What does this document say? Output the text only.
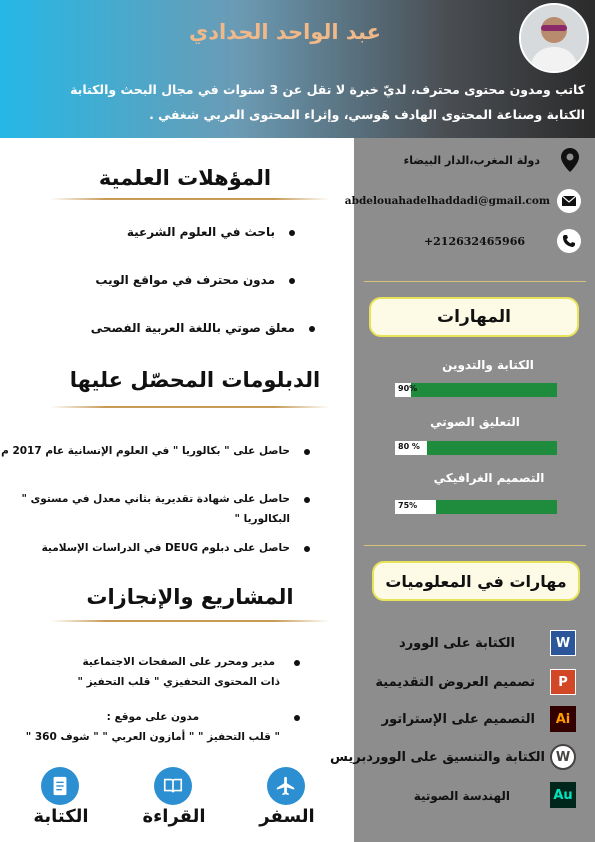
عبد الواحد الحدادي
كاتب ومدون محتوى محترف، لديّ خبرة لا تقل عن 3 سنوات في مجال البحث والكتابة
الكتابة وصناعة المحتوى الهادف هَوسي، وإثراء المحتوى العربي شغفي .
المؤهلات العلمية
باحث في العلوم الشرعية
مدون محترف في مواقع الويب
معلق صوتي باللغة العربية الفصحى
الدبلومات المحصّل عليها
حاصل على " بكالوريا " في العلوم الإنسانية عام 2017 م
حاصل على شهادة تقديرية بثاني معدل في مستوى " البكالوريا "
حاصل على دبلوم DEUG في الدراسات الإسلامية
المشاريع والإنجازات
مدير ومحرر على الصفحات الاجتماعية
ذات المحتوى التحفيزي " قلب التحفيز "
مدون على موقع :
" قلب التحفيز " " أمازون العربي " " شوف 360 "
السفر
القراءة
الكتابة
دولة المغرب،الدار البيضاء
abdelouahadelhaddadi@gmail.com
+212632465966
المهارات
الكتابة والتدوين
90%
التعليق الصوتي
80 %
التصميم الغرافيكي
75%
مهارات في المعلوميات
W
الكتابة على الوورد
P
تصميم العروض التقديمية
Ai
التصميم على الإستراتور
W
الكتابة والتنسيق على الووردبريس
Au
الهندسة الصوتية
